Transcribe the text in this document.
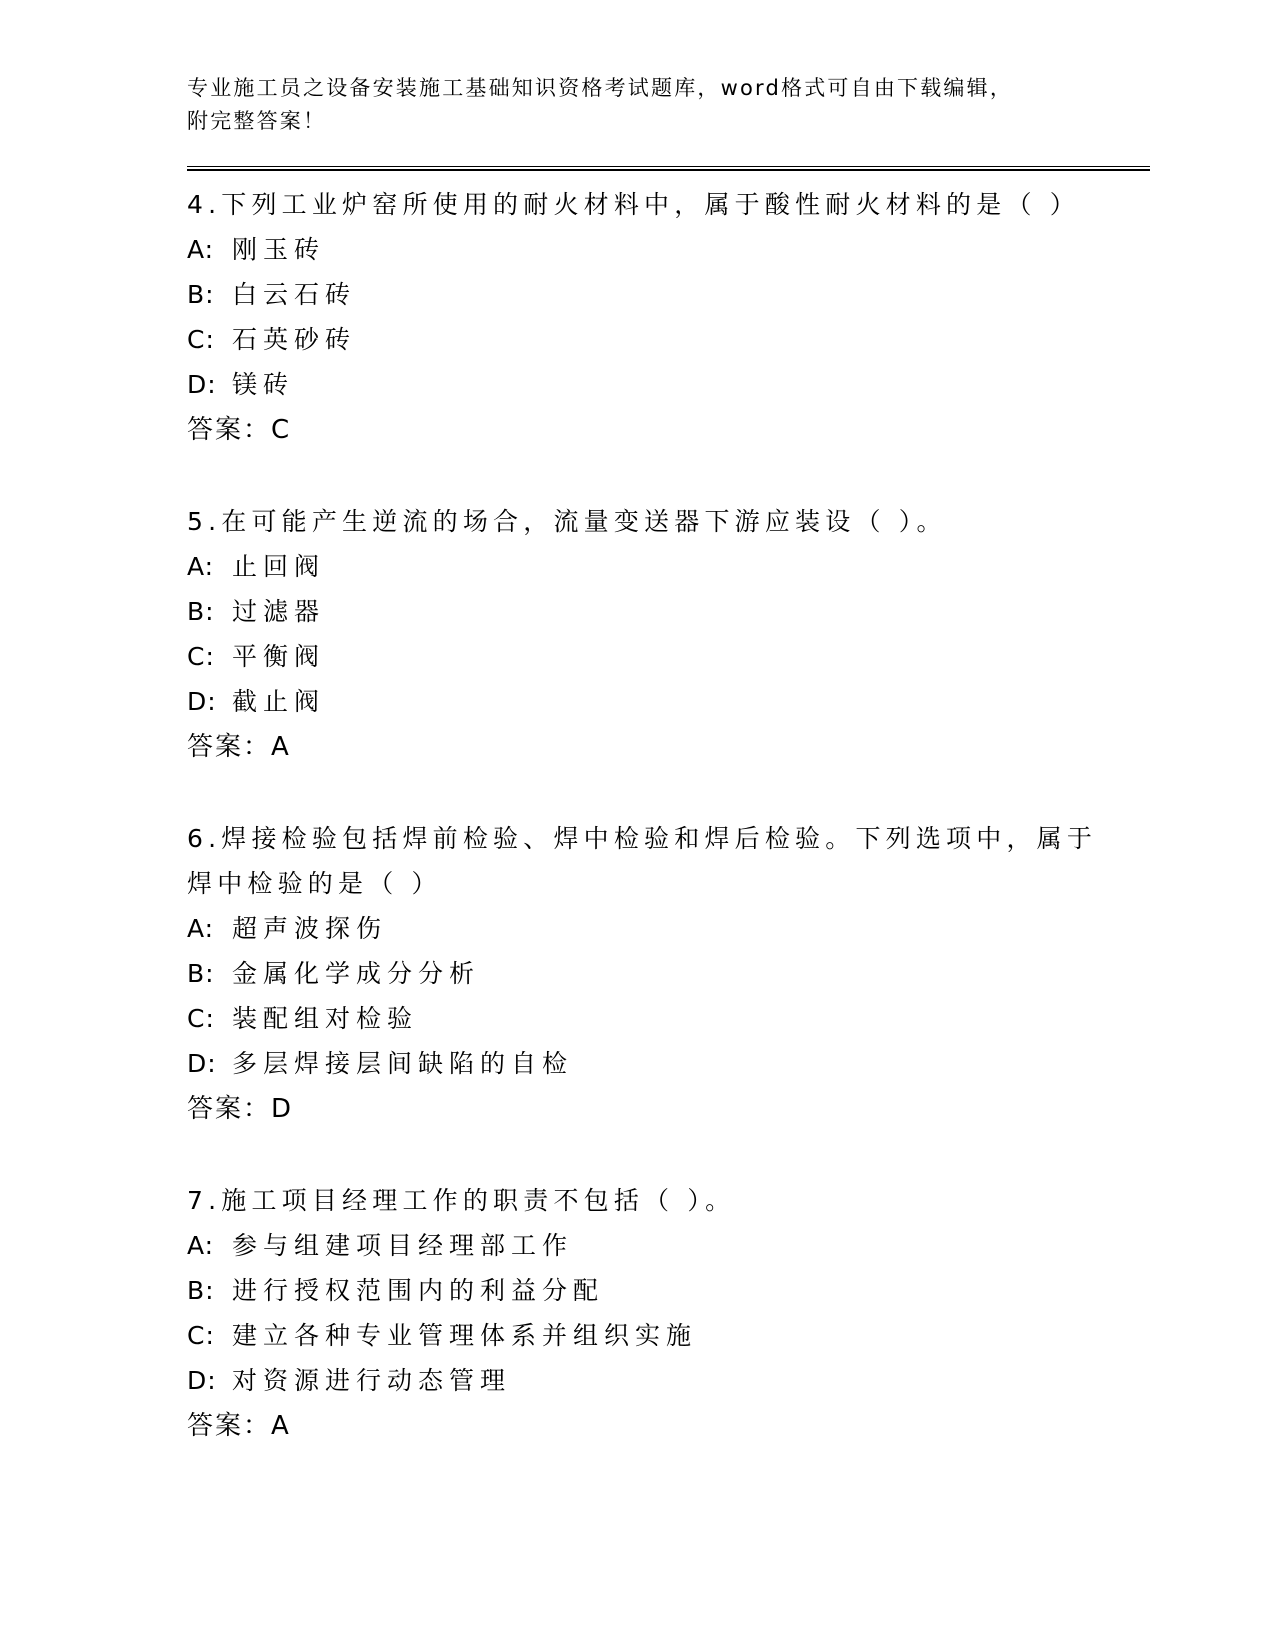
专业施工员之设备安装施工基础知识资格考试题库，word格式可自由下载编辑，
附完整答案！
4.下列工业炉窑所使用的耐火材料中，属于酸性耐火材料的是（ ）
A: 刚玉砖
B: 白云石砖
C: 石英砂砖
D: 镁砖
答案：C
5.在可能产生逆流的场合，流量变送器下游应装设（ ）。
A: 止回阀
B: 过滤器
C: 平衡阀
D: 截止阀
答案：A
6.焊接检验包括焊前检验、焊中检验和焊后检验。下列选项中，属于
焊中检验的是（ ）
A: 超声波探伤
B: 金属化学成分分析
C: 装配组对检验
D: 多层焊接层间缺陷的自检
答案：D
7.施工项目经理工作的职责不包括（ ）。
A: 参与组建项目经理部工作
B: 进行授权范围内的利益分配
C: 建立各种专业管理体系并组织实施
D: 对资源进行动态管理
答案：A
